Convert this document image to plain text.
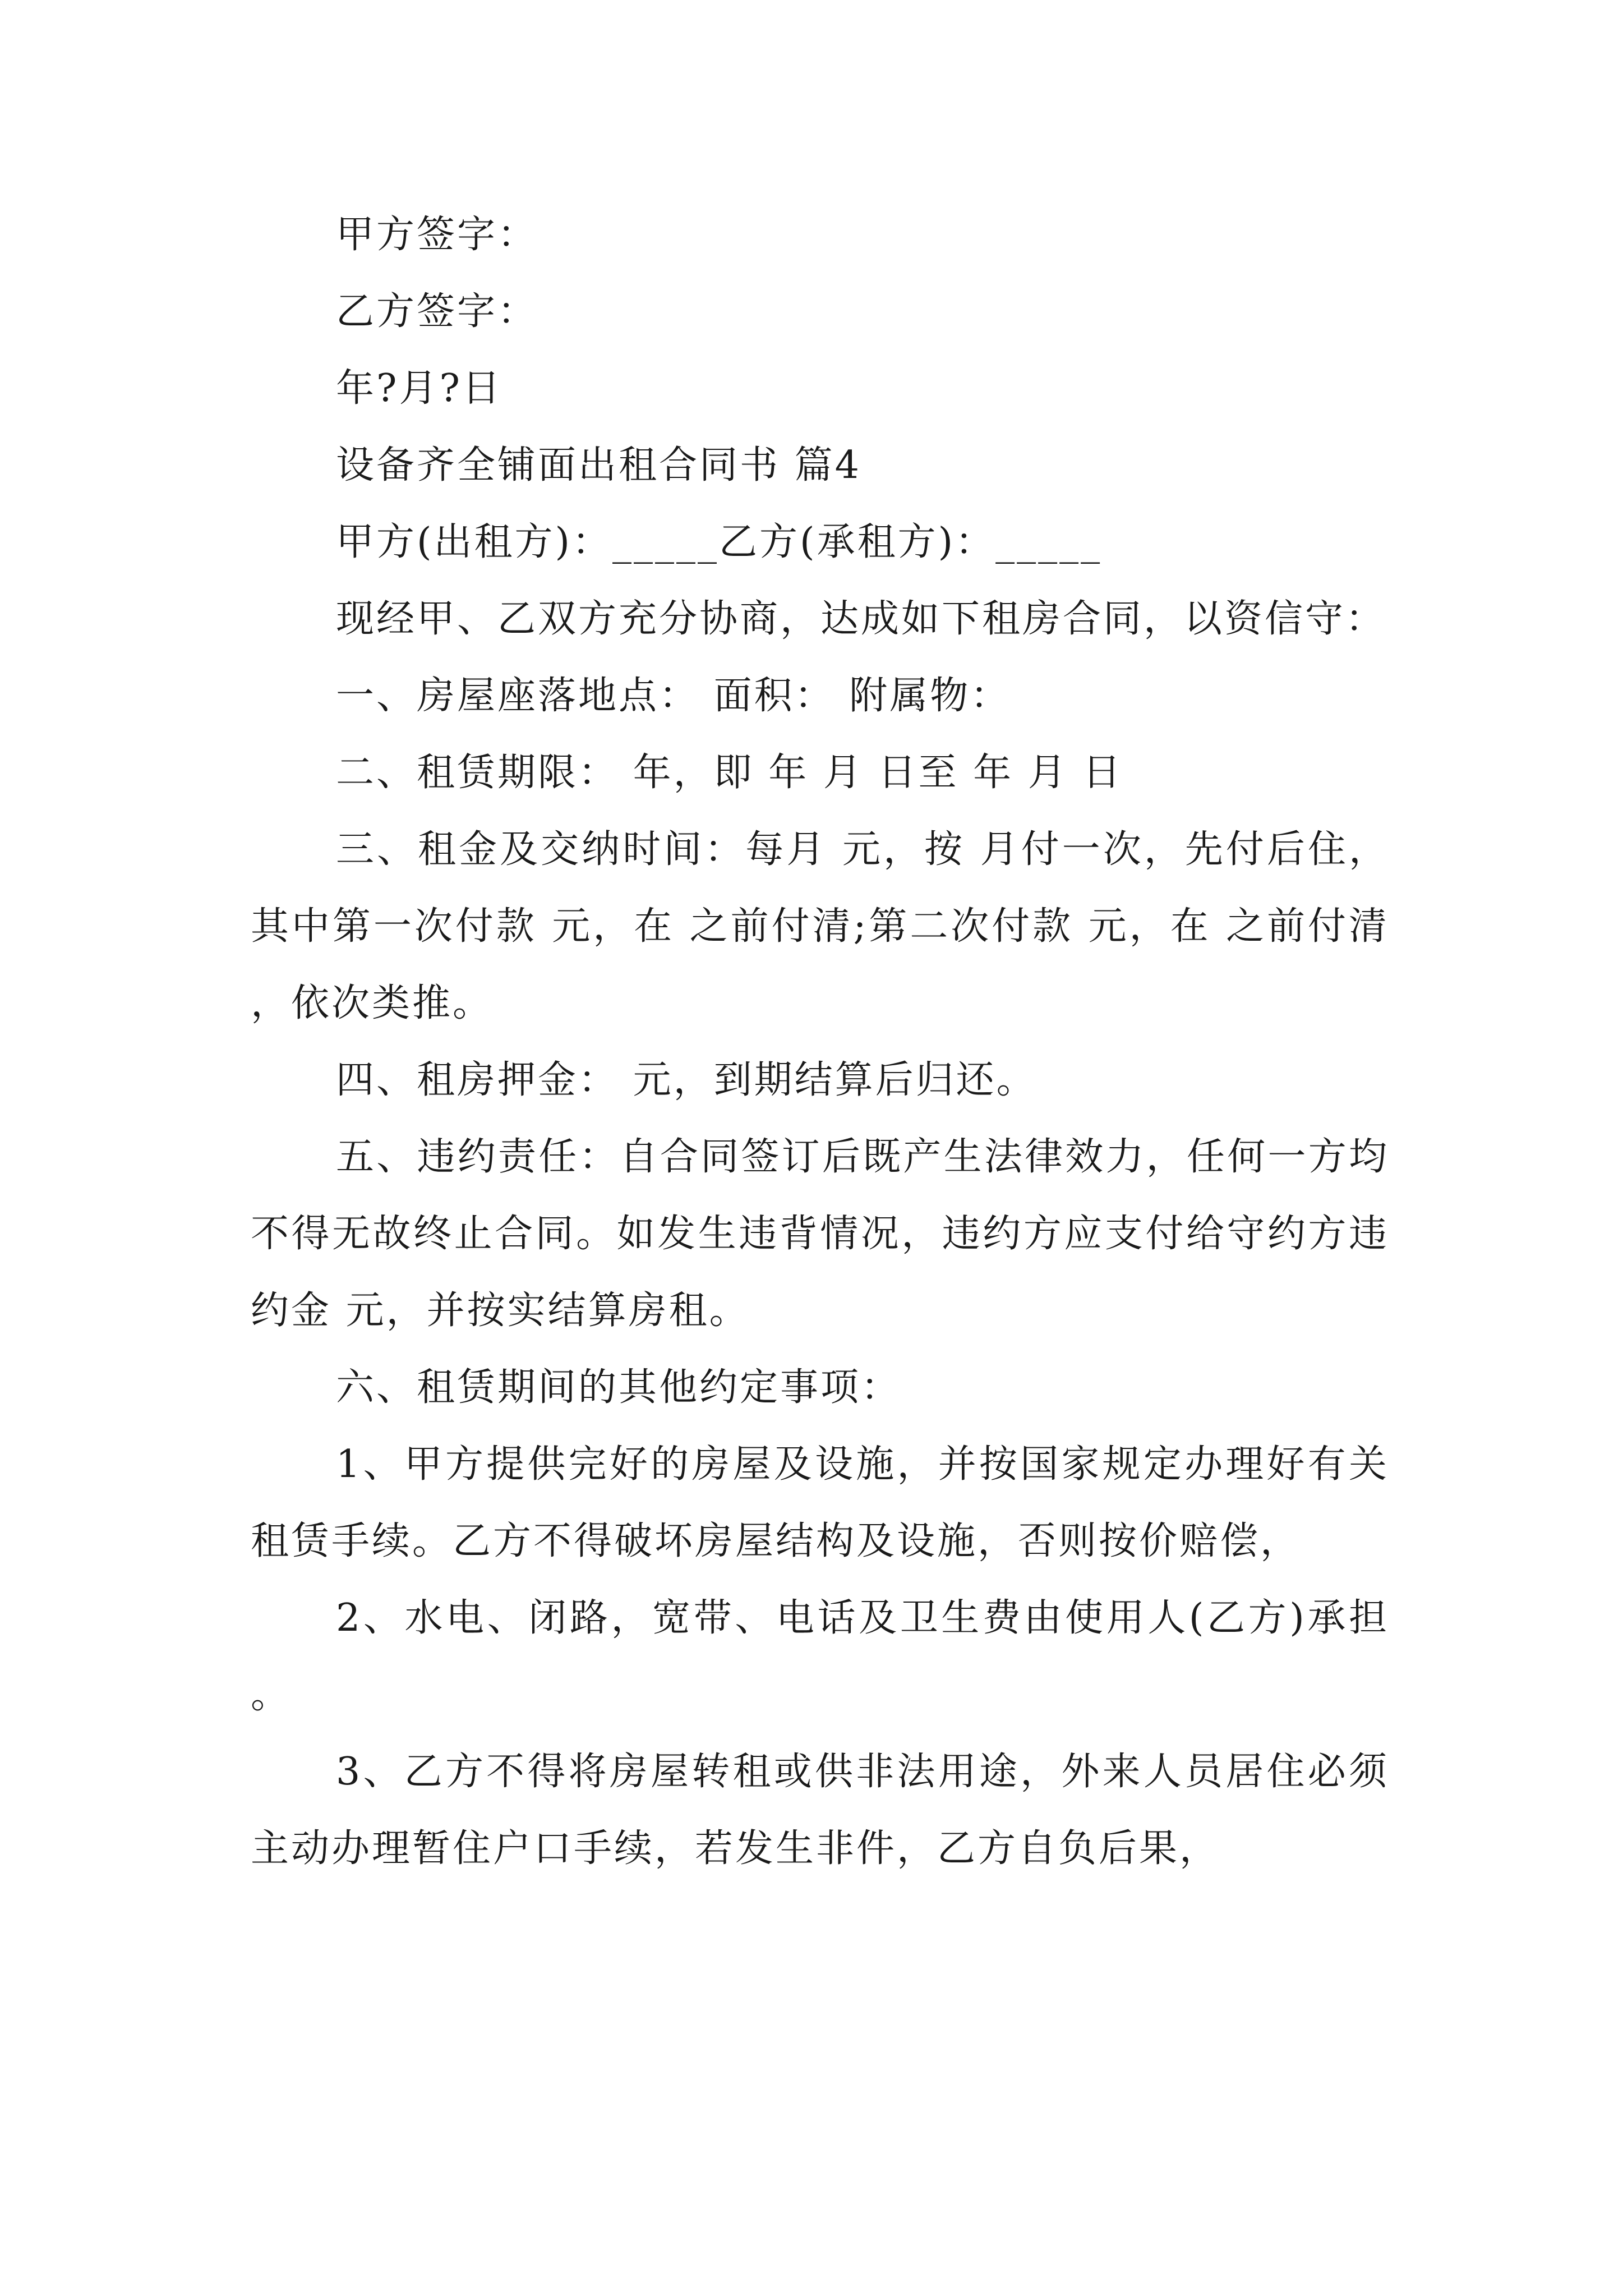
甲方签字：

乙方签字：

年?月?日

设备齐全铺面出租合同书 篇4

甲方(出租方)：_____乙方(承租方)：_____

现经甲、乙双方充分协商，达成如下租房合同，以资信守：

一、房屋座落地点： 面积： 附属物：

二、租赁期限： 年，即 年 月 日至 年 月 日

三、租金及交纳时间：每月 元，按 月付一次，先付后住，其中第一次付款 元，在 之前付清;第二次付款 元，在 之前付清，依次类推。

四、租房押金： 元，到期结算后归还。

五、违约责任：自合同签订后既产生法律效力，任何一方均不得无故终止合同。如发生违背情况，违约方应支付给守约方违约金 元，并按实结算房租。

六、租赁期间的其他约定事项：

1、甲方提供完好的房屋及设施，并按国家规定办理好有关租赁手续。乙方不得破坏房屋结构及设施，否则按价赔偿，

2、水电、闭路，宽带、电话及卫生费由使用人(乙方)承担。

3、乙方不得将房屋转租或供非法用途，外来人员居住必须主动办理暂住户口手续，若发生非件，乙方自负后果，
